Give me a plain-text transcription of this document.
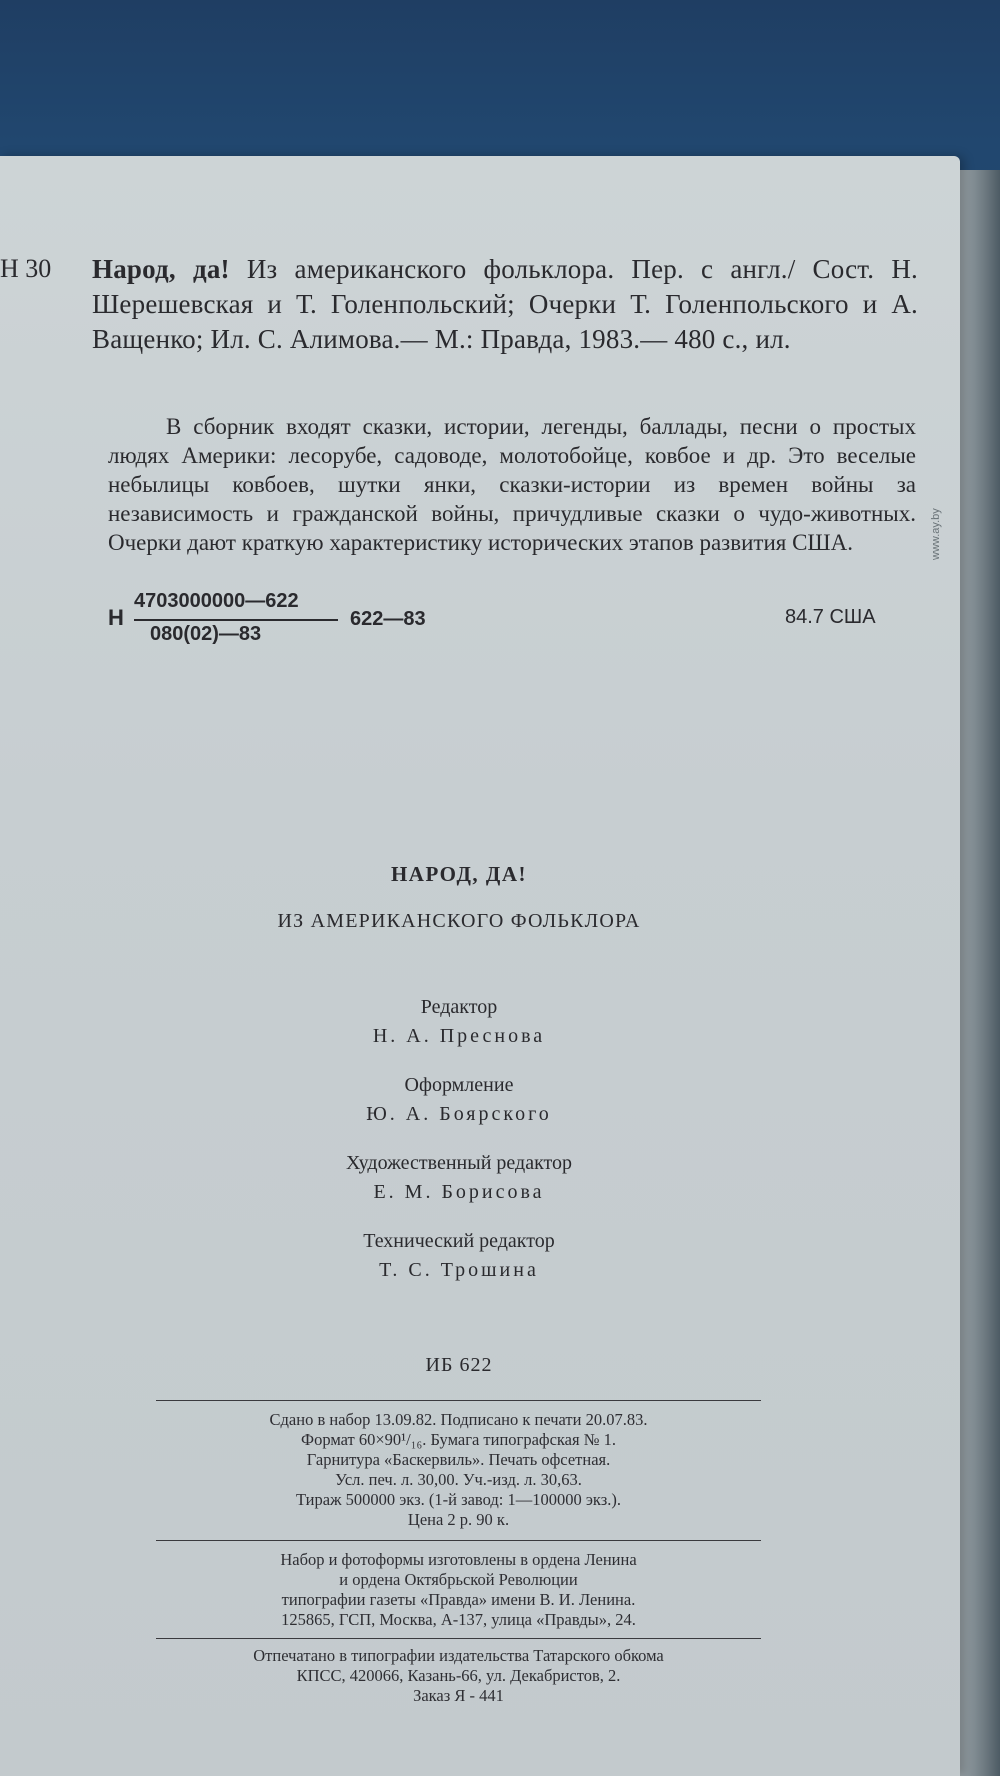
www.ay.by
Н 30 Народ, да! Из американского фольклора. Пер. с англ./ Сост. Н. Шерешевская и Т. Голенпольский; Очерки Т. Голенпольского и А. Ващенко; Ил. С. Алимова.— М.: Правда, 1983.— 480 с., ил.
В сборник входят сказки, истории, легенды, баллады, песни о простых людях Америки: лесорубе, садоводе, молотобойце, ковбое и др. Это веселые небылицы ковбоев, шутки янки, сказки-истории из времен войны за независимость и гражданской войны, причудливые сказки о чудо-животных. Очерки дают краткую характеристику исторических этапов развития США.
Н
4703000000—622
080(02)—83
622—83	84.7 США
НАРОД, ДА!
ИЗ АМЕРИКАНСКОГО ФОЛЬКЛОРА
Редактор
Н. А. Преснова
Оформление
Ю. А. Боярского
Художественный редактор
Е. М. Борисова
Технический редактор
Т. С. Трошина
ИБ 622
Сдано в набор 13.09.82. Подписано к печати 20.07.83.
Формат 60×90¹/₁₆. Бумага типографская № 1.
Гарнитура «Баскервиль». Печать офсетная.
Усл. печ. л. 30,00. Уч.-изд. л. 30,63.
Тираж 500000 экз. (1-й завод: 1—100000 экз.).
Цена 2 р. 90 к.
Набор и фотоформы изготовлены в ордена Ленина
и ордена Октябрьской Революции
типографии газеты «Правда» имени В. И. Ленина.
125865, ГСП, Москва, А-137, улица «Правды», 24.
Отпечатано в типографии издательства Татарского обкома
КПСС, 420066, Казань-66, ул. Декабристов, 2.
Заказ Я - 441
